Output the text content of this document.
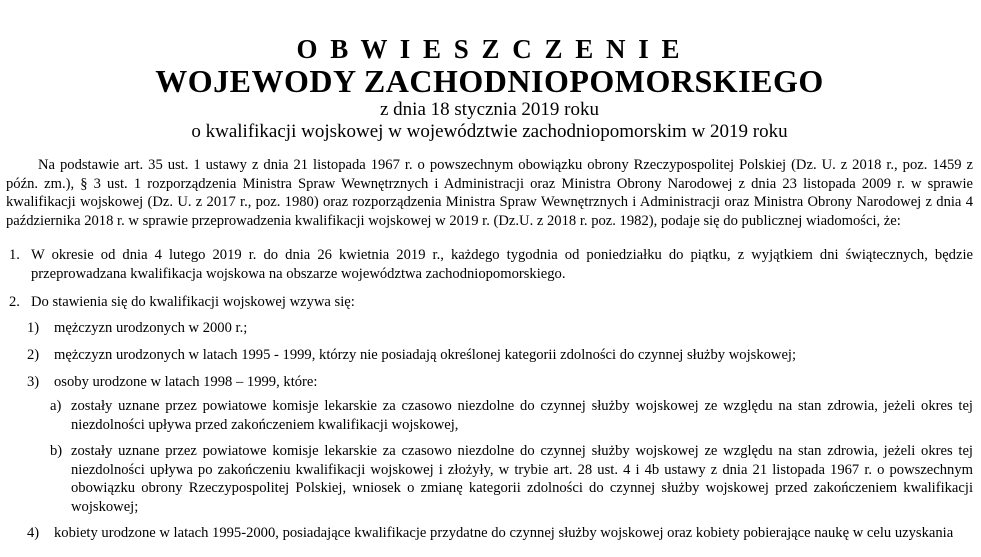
O B W I E S Z C Z E N I E
WOJEWODY ZACHODNIOPOMORSKIEGO
z dnia 18 stycznia 2019 roku
o kwalifikacji wojskowej w województwie zachodniopomorskim w 2019 roku

Na podstawie art. 35 ust. 1 ustawy z dnia 21 listopada 1967 r. o powszechnym obowiązku obrony Rzeczypospolitej Polskiej (Dz. U. z 2018 r., poz. 1459 z późn. zm.), § 3 ust. 1 rozporządzenia Ministra Spraw Wewnętrznych i Administracji oraz Ministra Obrony Narodowej z dnia 23 listopada 2009 r. w sprawie kwalifikacji wojskowej (Dz. U. z 2017 r., poz. 1980) oraz rozporządzenia Ministra Spraw Wewnętrznych i Administracji oraz Ministra Obrony Narodowej z dnia 4 października 2018 r. w sprawie przeprowadzenia kwalifikacji wojskowej w 2019 r. (Dz.U. z 2018 r. poz. 1982), podaje się do publicznej wiadomości, że:

1. W okresie od dnia 4 lutego 2019 r. do dnia 26 kwietnia 2019 r., każdego tygodnia od poniedziałku do piątku, z wyjątkiem dni świątecznych, będzie przeprowadzana kwalifikacja wojskowa na obszarze województwa zachodniopomorskiego.
2. Do stawienia się do kwalifikacji wojskowej wzywa się:
1)	mężczyzn urodzonych w 2000 r.;
2)	mężczyzn urodzonych w latach 1995 - 1999, którzy nie posiadają określonej kategorii zdolności do czynnej służby wojskowej;
3)	osoby urodzone w latach 1998 – 1999, które:
a) zostały uznane przez powiatowe komisje lekarskie za czasowo niezdolne do czynnej służby wojskowej ze względu na stan zdrowia, jeżeli okres tej niezdolności upływa przed zakończeniem kwalifikacji wojskowej,
b) zostały uznane przez powiatowe komisje lekarskie za czasowo niezdolne do czynnej służby wojskowej ze względu na stan zdrowia, jeżeli okres tej niezdolności upływa po zakończeniu kwalifikacji wojskowej i złożyły, w trybie art. 28 ust. 4 i 4b ustawy z dnia 21 listopada 1967 r. o powszechnym obowiązku obrony Rzeczypospolitej Polskiej, wniosek o zmianę kategorii zdolności do czynnej służby wojskowej przed zakończeniem kwalifikacji wojskowej;
4)	kobiety urodzone w latach 1995-2000, posiadające kwalifikacje przydatne do czynnej służby wojskowej oraz kobiety pobierające naukę w celu uzyskania
